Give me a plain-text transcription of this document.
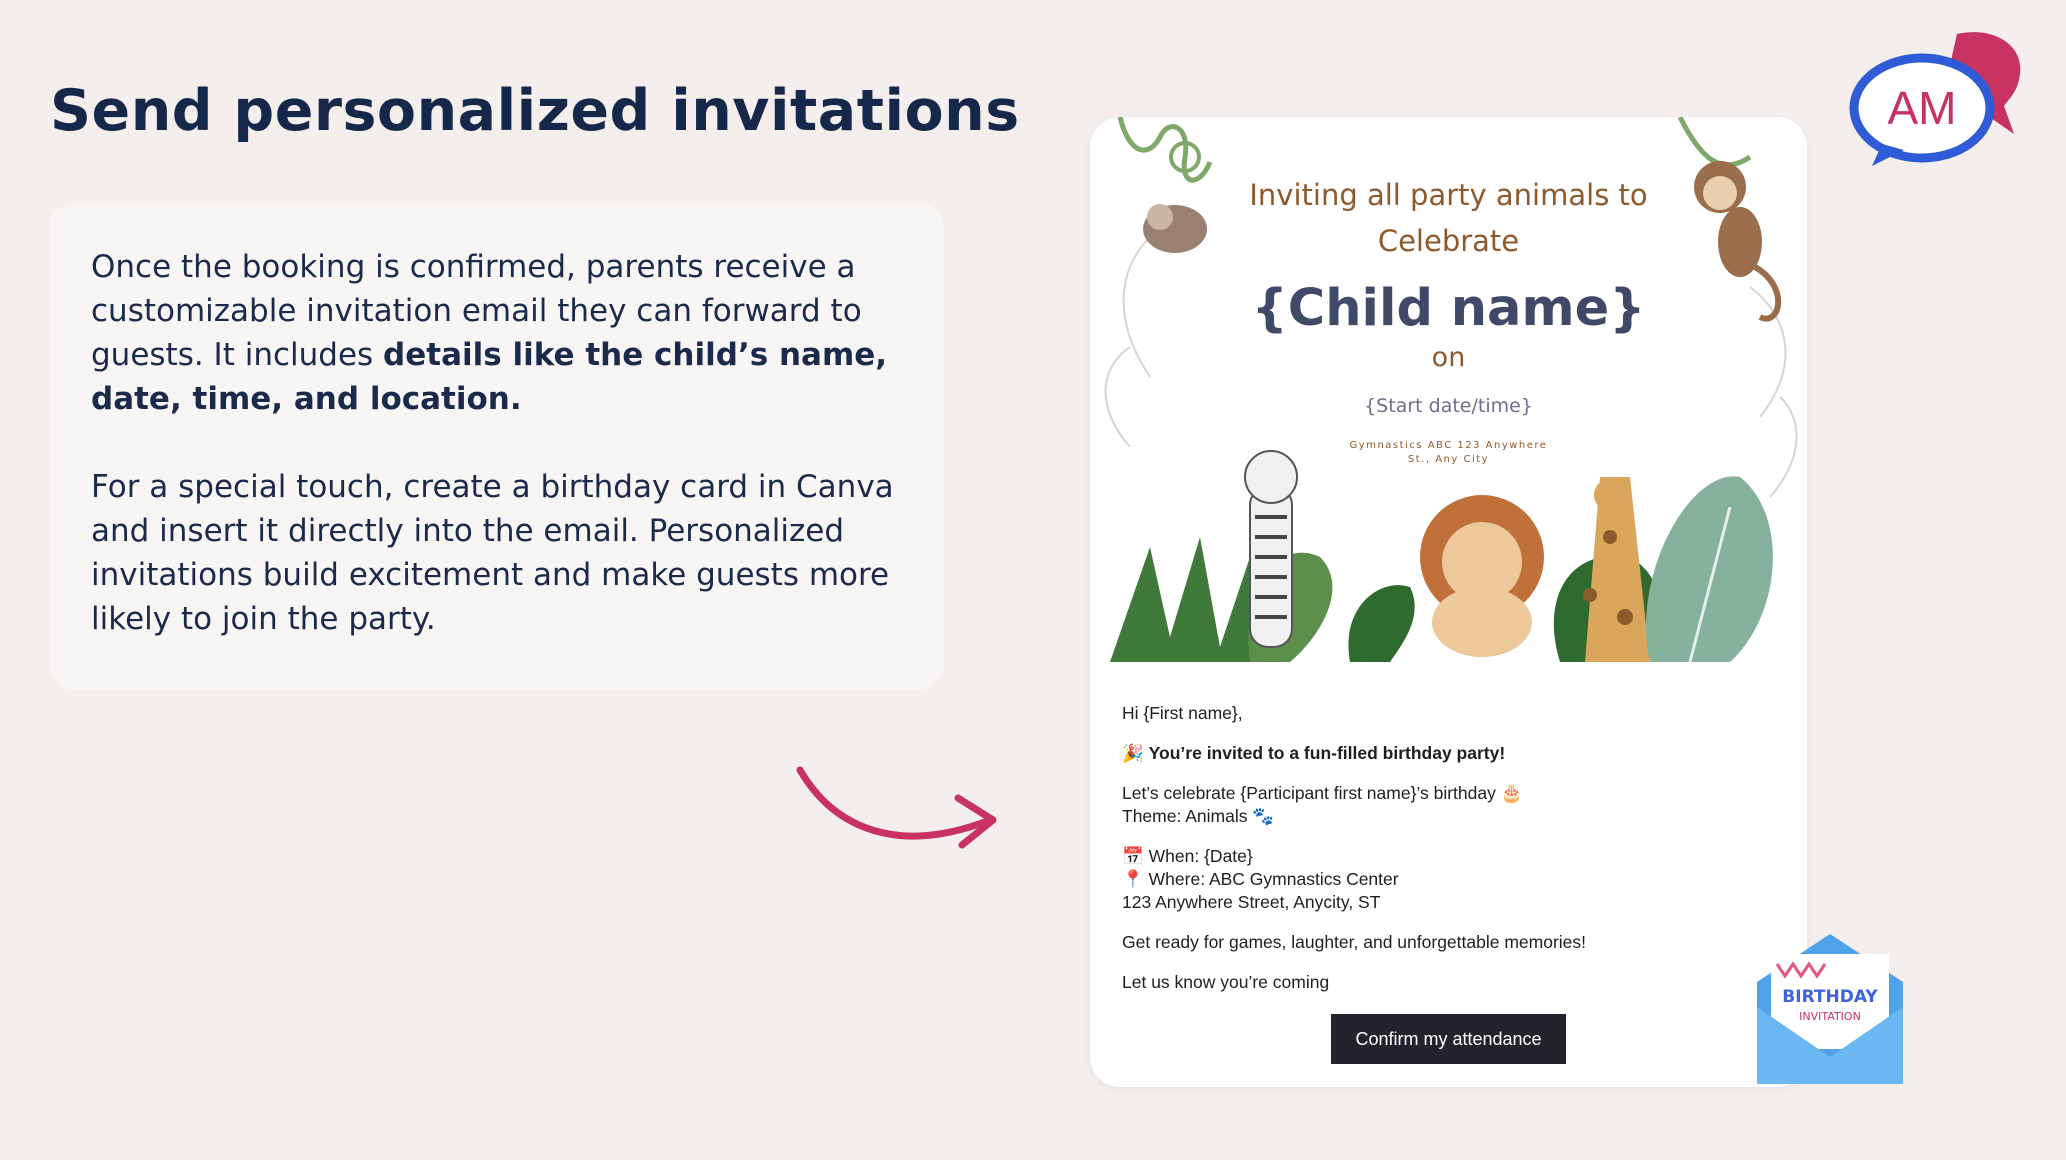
Send personalized invitations

Once the booking is confirmed, parents receive a customizable invitation email they can forward to guests. It includes details like the child’s name, date, time, and location.

For a special touch, create a birthday card in Canva and insert it directly into the email. Personalized invitations build excitement and make guests more likely to join the party.

Inviting all party animals to
Celebrate
{Child name}
on
{Start date/time}
Gymnastics ABC 123 Anywhere
St., Any City

Hi {First name},

🎉 You’re invited to a fun-filled birthday party!

Let’s celebrate {Participant first name}’s birthday 🎂
Theme: Animals 🐾

📅 When: {Date}
📍 Where: ABC Gymnastics Center
123 Anywhere Street, Anycity, ST

Get ready for games, laughter, and unforgettable memories!

Let us know you’re coming

Confirm my attendance
AM
BIRTHDAY
INVITATION
